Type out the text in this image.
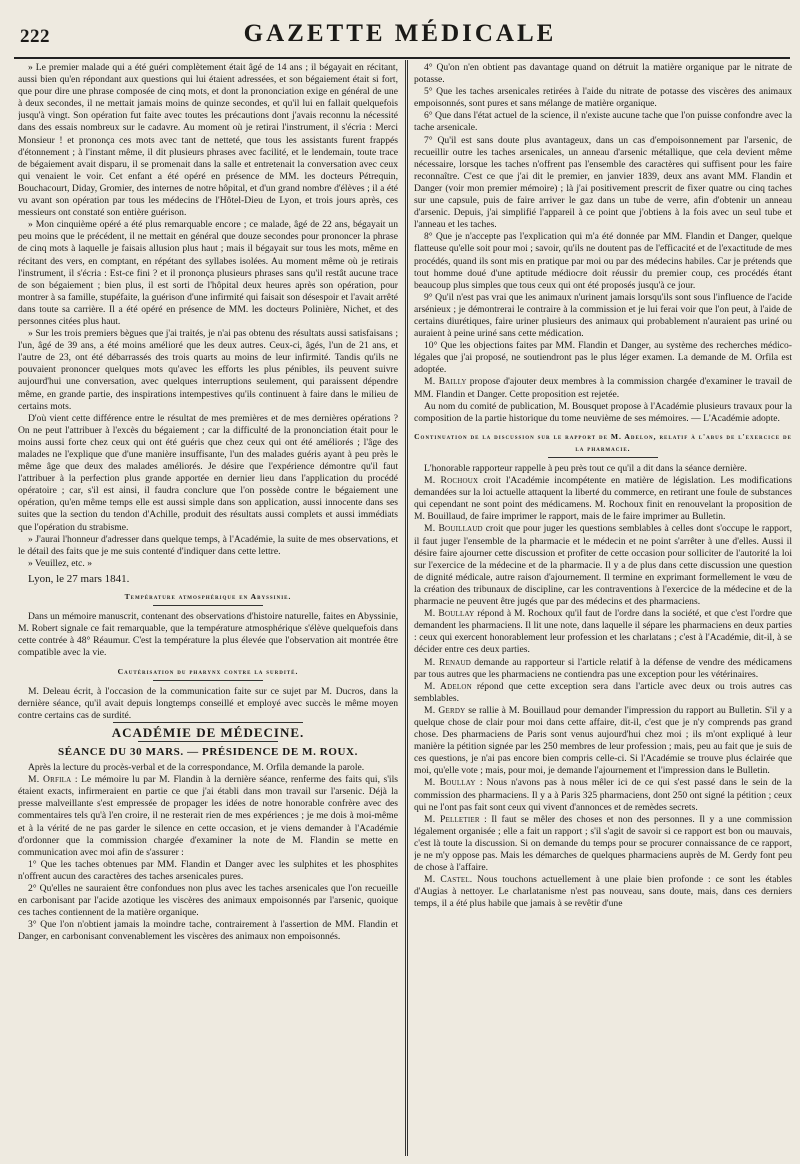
222	GAZETTE MÉDICALE

» Le premier malade qui a été guéri complètement était âgé de 14 ans ; il bégayait en récitant, aussi bien qu'en répondant aux questions qui lui étaient adressées, et son bégaiement était si fort, que pour dire une phrase composée de cinq mots, et dont la prononciation exige en général de une à deux secondes, il ne mettait jamais moins de quinze secondes, et qu'il lui en fallait quelquefois jusqu'à vingt. Son opération fut faite avec toutes les précautions dont j'avais reconnu la nécessité dans des essais nombreux sur le cadavre. Au moment où je retirai l'instrument, il s'écria : Merci Monsieur ! et prononça ces mots avec tant de netteté, que tous les assistants furent frappés d'étonnement ; à l'instant même, il dit plusieurs phrases avec facilité, et le lendemain, toute trace de bégaiement avait disparu, il se promenait dans la salle et entretenait la conversation avec ceux qui venaient le voir. Cet enfant a été opéré en présence de MM. les docteurs Pétrequin, Bouchacourt, Diday, Gromier, des internes de notre hôpital, et d'un grand nombre d'élèves ; il a été vu avant son opération par tous les médecins de l'Hôtel-Dieu de Lyon, et trois jours après, ces messieurs ont constaté son entière guérison.

» Mon cinquième opéré a été plus remarquable encore ; ce malade, âgé de 22 ans, bégayait un peu moins que le précédent, il ne mettait en général que douze secondes pour prononcer la phrase de cinq mots à laquelle je faisais allusion plus haut ; mais il bégayait sur tous les mots, même en récitant des vers, en comptant, en répétant des syllabes isolées. Au moment même où je retirais l'instrument, il s'écria : Est-ce fini ? et il prononça plusieurs phrases sans qu'il restât aucune trace de son bégaiement ; bien plus, il est sorti de l'hôpital deux heures après son opération, pour montrer à sa famille, stupéfaite, la guérison d'une infirmité qui faisait son désespoir et l'avait arrêté dans toute sa carrière. Il a été opéré en présence de MM. les docteurs Polinière, Nichet, et des personnes citées plus haut.

» Sur les trois premiers bègues que j'ai traités, je n'ai pas obtenu des résultats aussi satisfaisans ; l'un, âgé de 39 ans, a été moins amélioré que les deux autres. Ceux-ci, âgés, l'un de 21 ans, et l'autre de 23, ont été débarrassés des trois quarts au moins de leur infirmité. Tandis qu'ils ne pouvaient prononcer quelques mots qu'avec les efforts les plus pénibles, ils peuvent suivre aujourd'hui une conversation, avec quelques interruptions seulement, qui paraissent dépendre même, en grande partie, des inspirations intempestives qu'ils continuent à faire dans le milieu de certains mots.

D'où vient cette différence entre le résultat de mes premières et de mes dernières opérations ? On ne peut l'attribuer à l'excès du bégaiement ; car la difficulté de la prononciation était pour le moins aussi forte chez ceux qui ont été guéris que chez ceux qui ont été améliorés ; l'âge des malades ne l'explique que d'une manière insuffisante, l'un des malades guéris ayant à peu près le même âge que deux des malades améliorés. Je désire que l'expérience démontre qu'il faut l'attribuer à la perfection plus grande apportée en dernier lieu dans l'application du procédé opératoire ; car, s'il est ainsi, il faudra conclure que l'on possède contre le bégaiement une opération, qu'en même temps elle est aussi simple dans son application, aussi innocente dans ses suites que la section du tendon d'Achille, produit des résultats aussi complets et aussi immédiats que l'opération du strabisme.

» J'aurai l'honneur d'adresser dans quelque temps, à l'Académie, la suite de mes observations, et le détail des faits que je me suis contenté d'indiquer dans cette lettre.

» Veuillez, etc. »

Lyon, le 27 mars 1841.

Température atmosphérique en Abyssinie.

Dans un mémoire manuscrit, contenant des observations d'histoire naturelle, faites en Abyssinie, M. Robert signale ce fait remarquable, que la température atmosphérique s'élève quelquefois dans cette contrée à 48° Réaumur. C'est la température la plus élevée que l'observation ait montrée être compatible avec la vie.

Cautérisation du pharynx contre la surdité.

M. Deleau écrit, à l'occasion de la communication faite sur ce sujet par M. Ducros, dans la dernière séance, qu'il avait depuis longtemps conseillé et employé avec succès le même moyen contre certains cas de surdité.

ACADÉMIE DE MÉDECINE.
SÉANCE DU 30 MARS. — PRÉSIDENCE DE M. ROUX.

Après la lecture du procès-verbal et de la correspondance, M. Orfila demande la parole.

M. Orfila : Le mémoire lu par M. Flandin à la dernière séance, renferme des faits qui, s'ils étaient exacts, infirmeraient en partie ce que j'ai établi dans mon travail sur l'arsenic. Déjà la presse malveillante s'est empressée de propager les idées de notre honorable confrère avec des commentaires tels qu'à l'en croire, il ne resterait rien de mes expériences ; je me dois à moi-même et à la vérité de ne pas garder le silence en cette occasion, et je viens demander à l'Académie d'ordonner que la commission chargée d'examiner la note de M. Flandin se mette en communication avec moi afin de s'assurer :

1° Que les taches obtenues par MM. Flandin et Danger avec les sulphites et les phosphites n'offrent aucun des caractères des taches arsenicales pures.

2° Qu'elles ne sauraient être confondues non plus avec les taches arsenicales que l'on recueille en carbonisant par l'acide azotique les viscères des animaux empoisonnés par l'arsenic, quoique ces taches contiennent de la matière organique.

3° Que l'on n'obtient jamais la moindre tache, contrairement à l'assertion de MM. Flandin et Danger, en carbonisant convenablement les viscères des animaux non empoisonnés.

4° Qu'on n'en obtient pas davantage quand on détruit la matière organique par le nitrate de potasse.

5° Que les taches arsenicales retirées à l'aide du nitrate de potasse des viscères des animaux empoisonnés, sont pures et sans mélange de matière organique.

6° Que dans l'état actuel de la science, il n'existe aucune tache que l'on puisse confondre avec la tache arsenicale.

7° Qu'il est sans doute plus avantageux, dans un cas d'empoisonnement par l'arsenic, de recueillir outre les taches arsenicales, un anneau d'arsenic métallique, que cela devient même nécessaire, lorsque les taches n'offrent pas l'ensemble des caractères qui suffisent pour les faire reconnaître. C'est ce que j'ai dit le premier, en janvier 1839, deux ans avant MM. Flandin et Danger (voir mon premier mémoire) ; là j'ai positivement prescrit de fixer quatre ou cinq taches sur une capsule, puis de faire arriver le gaz dans un tube de verre, afin d'obtenir un anneau d'arsenic. Depuis, j'ai simplifié l'appareil à ce point que j'obtiens à la fois avec un seul tube et l'anneau et les taches.

8° Que je n'accepte pas l'explication qui m'a été donnée par MM. Flandin et Danger, quelque flatteuse qu'elle soit pour moi ; savoir, qu'ils ne doutent pas de l'efficacité et de l'exactitude de mes procédés, quand ils sont mis en pratique par moi ou par des médecins habiles. Car je prétends que tout homme doué d'une aptitude médiocre doit réussir du premier coup, ces procédés étant beaucoup plus simples que tous ceux qui ont été proposés jusqu'à ce jour.

9° Qu'il n'est pas vrai que les animaux n'urinent jamais lorsqu'ils sont sous l'influence de l'acide arsénieux ; je démontrerai le contraire à la commission et je lui ferai voir que l'on peut, à l'aide de certains diurétiques, faire uriner plusieurs des animaux qui probablement n'auraient pas uriné ou auraient à peine uriné sans cette médication.

10° Que les objections faites par MM. Flandin et Danger, au système des recherches médico-légales que j'ai proposé, ne soutiendront pas le plus léger examen. La demande de M. Orfila est adoptée.

M. Bailly propose d'ajouter deux membres à la commission chargée d'examiner le travail de MM. Flandin et Danger. Cette proposition est rejetée.

Au nom du comité de publication, M. Bousquet propose à l'Académie plusieurs travaux pour la composition de la partie historique du tome neuvième de ses mémoires. — L'Académie adopte.

Continuation de la discussion sur le rapport de M. Adelon, relatif à l'abus de l'exercice de la pharmacie.

L'honorable rapporteur rappelle à peu près tout ce qu'il a dit dans la séance dernière.

M. Rochoux croit l'Académie incompétente en matière de législation. Les modifications demandées sur la loi actuelle attaquent la liberté du commerce, en retirant une foule de substances qui cependant ne sont point des médicamens. M. Rochoux finit en renouvelant la proposition de M. Bouillaud, de faire imprimer le rapport, mais de le faire imprimer au Bulletin.

M. Bouillaud croit que pour juger les questions semblables à celles dont s'occupe le rapport, il faut juger l'ensemble de la pharmacie et le médecin et ne point s'arrêter à une d'elles. Aussi il désire faire ajourner cette discussion et profiter de cette occasion pour solliciter de l'autorité la loi sur l'exercice de la médecine et de la pharmacie. Il y a de plus dans cette discussion une question de dignité médicale, autre raison d'ajournement. Il termine en exprimant formellement le vœu de la création des tribunaux de discipline, car les contraventions à l'exercice de la médecine et de la pharmacie ne peuvent être jugés que par des médecins et des pharmaciens.

M. Boullay répond à M. Rochoux qu'il faut de l'ordre dans la société, et que c'est l'ordre que demandent les pharmaciens. Il lit une note, dans laquelle il sépare les pharmaciens en deux parties : ceux qui exercent honorablement leur profession et les charlatans ; c'est à l'Académie, dit-il, à se décider entre ces deux parties.

M. Renaud demande au rapporteur si l'article relatif à la défense de vendre des médicamens par tous autres que les pharmaciens ne contiendra pas une exception pour les vétérinaires.

M. Adelon répond que cette exception sera dans l'article avec deux ou trois autres cas semblables.

M. Gerdy se rallie à M. Bouillaud pour demander l'impression du rapport au Bulletin. S'il y a quelque chose de clair pour moi dans cette affaire, dit-il, c'est que je n'y comprends pas grand chose. Des pharmaciens de Paris sont venus aujourd'hui chez moi ; ils m'ont expliqué à leur manière la pétition signée par les 250 membres de leur profession ; mais, peu au fait que je suis de ces questions, je n'ai pas encore bien compris celle-ci. Si l'Académie se trouve plus éclairée que moi, qu'elle vote ; mais, pour moi, je demande l'ajournement et l'impression dans le Bulletin.

M. Boullay : Nous n'avons pas à nous mêler ici de ce qui s'est passé dans le sein de la commission des pharmaciens. Il y a à Paris 325 pharmaciens, dont 250 ont signé la pétition ; ceux qui ne l'ont pas fait sont ceux qui vivent d'annonces et de remèdes secrets.

M. Pelletier : Il faut se mêler des choses et non des personnes. Il y a une commission légalement organisée ; elle a fait un rapport ; s'il s'agit de savoir si ce rapport est bon ou mauvais, c'est là toute la discussion. Si on demande du temps pour se procurer connaissance de ce rapport, je ne m'y oppose pas. Mais les démarches de quelques pharmaciens auprès de M. Gerdy font peu de chose à l'affaire.

M. Castel. Nous touchons actuellement à une plaie bien profonde : ce sont les étables d'Augias à nettoyer. Le charlatanisme n'est pas nouveau, sans doute, mais, dans ces derniers temps, il a été plus habile que jamais à se revêtir d'une
